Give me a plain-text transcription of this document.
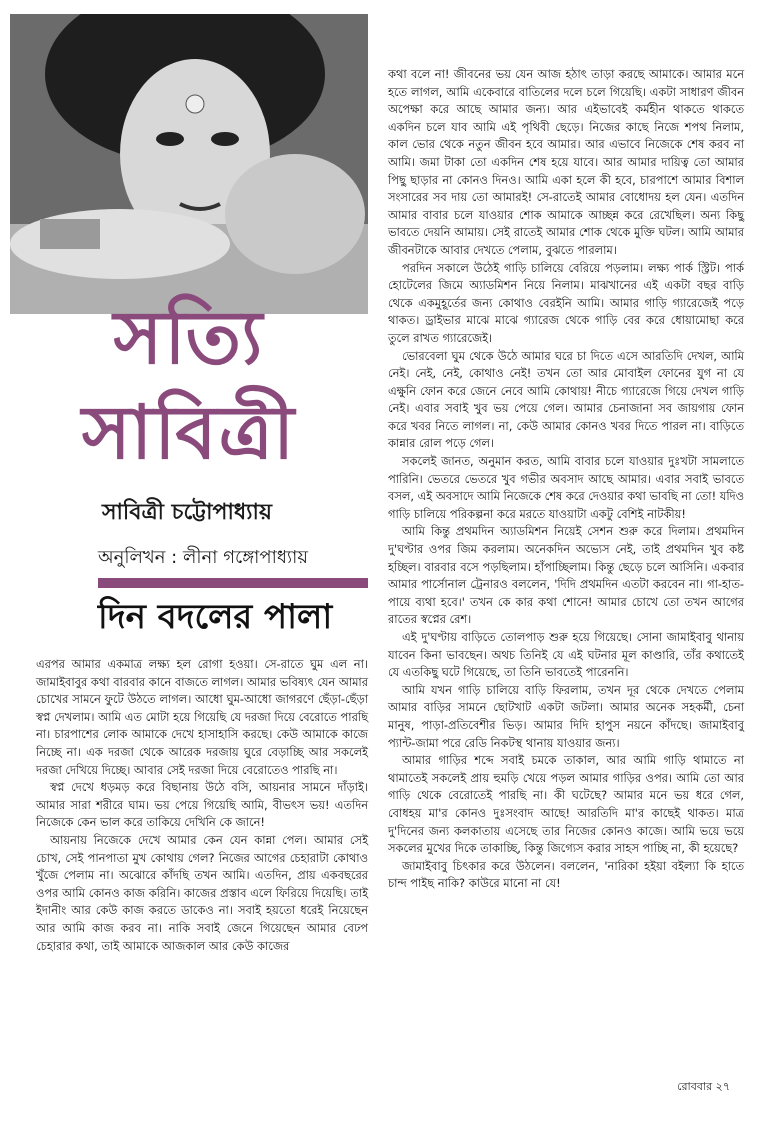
সত্যি
সাবিত্রী
সাবিত্রী চট্টোপাধ্যায়
অনুলিখন : লীনা গঙ্গোপাধ্যায়
দিন বদলের পালা

এরপর আমার একমাত্র লক্ষ্য হল রোগা হওয়া। সে-রাতে ঘুম এল না। জামাইবাবুর কথা বারবার কানে বাজতে লাগল। আমার ভবিষ্যৎ যেন আমার চোখের সামনে ফুটে উঠতে লাগল। আধো ঘুম-আধো জাগরণে ছেঁড়া-ছেঁড়া স্বপ্ন দেখলাম। আমি এত মোটা হয়ে গিয়েছি যে দরজা দিয়ে বেরোতে পারছি না। চারপাশের লোক আমাকে দেখে হাসাহাসি করছে। কেউ আমাকে কাজে নিচ্ছে না। এক দরজা থেকে আরেক দরজায় ঘুরে বেড়াচ্ছি আর সকলেই দরজা দেখিয়ে দিচ্ছে। আবার সেই দরজা দিয়ে বেরোতেও পারছি না।

স্বপ্ন দেখে ধড়মড় করে বিছানায় উঠে বসি, আয়নার সামনে দাঁড়াই। আমার সারা শরীরে ঘাম। ভয় পেয়ে গিয়েছি আমি, বীভৎস ভয়! এতদিন নিজেকে কেন ভাল করে তাকিয়ে দেখিনি কে জানে!

আয়নায় নিজেকে দেখে আমার কেন যেন কান্না পেল। আমার সেই চোখ, সেই পানপাতা মুখ কোথায় গেল? নিজের আগের চেহারাটা কোথাও খুঁজে পেলাম না। অঝোরে কাঁদছি তখন আমি। এতদিন, প্রায় একবছরের ওপর আমি কোনও কাজ করিনি। কাজের প্রস্তাব এলে ফিরিয়ে দিয়েছি। তাই ইদানীং আর কেউ কাজ করতে ডাকেও না। সবাই হয়তো ধরেই নিয়েছেন আর আমি কাজ করব না। নাকি সবাই জেনে গিয়েছেন আমার বেঢপ চেহারার কথা, তাই আমাকে আজকাল আর কেউ কাজের

কথা বলে না! জীবনের ভয় যেন আজ হঠাৎ তাড়া করছে আমাকে। আমার মনে হতে লাগল, আমি একেবারে বাতিলের দলে চলে গিয়েছি। একটা সাধারণ জীবন অপেক্ষা করে আছে আমার জন্য। আর এইভাবেই কর্মহীন থাকতে থাকতে একদিন চলে যাব আমি এই পৃথিবী ছেড়ে। নিজের কাছে নিজে শপথ নিলাম, কাল ভোর থেকে নতুন জীবন হবে আমার। আর এভাবে নিজেকে শেষ করব না আমি। জমা টাকা তো একদিন শেষ হয়ে যাবে। আর আমার দায়িত্ব তো আমার পিছু ছাড়ার না কোনও দিনও। আমি একা হলে কী হবে, চারপাশে আমার বিশাল সংসারের সব দায় তো আমারই! সে-রাতেই আমার বোধোদয় হল যেন। এতদিন আমার বাবার চলে যাওয়ার শোক আমাকে আচ্ছন্ন করে রেখেছিল। অন্য কিছু ভাবতে দেয়নি আমায়। সেই রাতেই আমার শোক থেকে মুক্তি ঘটল। আমি আমার জীবনটাকে আবার দেখতে পেলাম, বুঝতে পারলাম।

পরদিন সকালে উঠেই গাড়ি চালিয়ে বেরিয়ে পড়লাম। লক্ষ্য পার্ক স্ট্রিট। পার্ক হোটেলের জিমে অ্যাডমিশন নিয়ে নিলাম। মাঝখানের এই একটা বছর বাড়ি থেকে একমুহূর্তের জন্য কোথাও বেরইনি আমি। আমার গাড়ি গ্যারেজেই পড়ে থাকত। ড্রাইভার মাঝে মাঝে গ্যারেজ থেকে গাড়ি বের করে ধোয়ামোছা করে তুলে রাখত গ্যারেজেই।

ভোরবেলা ঘুম থেকে উঠে আমার ঘরে চা দিতে এসে আরতিদি দেখল, আমি নেই। নেই, নেই, কোথাও নেই! তখন তো আর মোবাইল ফোনের যুগ না যে এক্ষুনি ফোন করে জেনে নেবে আমি কোথায়! নীচে গ্যারেজে গিয়ে দেখল গাড়ি নেই। এবার সবাই খুব ভয় পেয়ে গেল। আমার চেনাজানা সব জায়গায় ফোন করে খবর নিতে লাগল। না, কেউ আমার কোনও খবর দিতে পারল না। বাড়িতে কান্নার রোল পড়ে গেল।

সকলেই জানত, অনুমান করত, আমি বাবার চলে যাওয়ার দুঃখটা সামলাতে পারিনি। ভেতরে ভেতরে খুব গভীর অবসাদ আছে আমার। এবার সবাই ভাবতে বসল, এই অবসাদে আমি নিজেকে শেষ করে দেওয়ার কথা ভাবছি না তো! যদিও গাড়ি চালিয়ে পরিকল্পনা করে মরতে যাওয়াটা একটু বেশিই নাটকীয়!

আমি কিন্তু প্রথমদিন অ্যাডমিশন নিয়েই সেশন শুরু করে দিলাম। প্রথমদিন দু'ঘণ্টার ওপর জিম করলাম। অনেকদিন অভ্যেস নেই, তাই প্রথমদিন খুব কষ্ট হচ্ছিল। বারবার বসে পড়ছিলাম। হাঁপাচ্ছিলাম। কিন্তু ছেড়ে চলে আসিনি। একবার আমার পার্সোনাল ট্রেনারও বললেন, 'দিদি প্রথমদিন এতটা করবেন না। গা-হাত-পায়ে ব্যথা হবে।' তখন কে কার কথা শোনে! আমার চোখে তো তখন আগের রাতের স্বপ্নের রেশ।

এই দু'ঘণ্টায় বাড়িতে তোলপাড় শুরু হয়ে গিয়েছে। সোনা জামাইবাবু থানায় যাবেন কিনা ভাবছেন। অথচ তিনিই যে এই ঘটনার মূল কাণ্ডারি, তাঁর কথাতেই যে এতকিছু ঘটে গিয়েছে, তা তিনি ভাবতেই পারেননি।

আমি যখন গাড়ি চালিয়ে বাড়ি ফিরলাম, তখন দূর থেকে দেখতে পেলাম আমার বাড়ির সামনে ছোটখাট একটা জটলা। আমার অনেক সহকর্মী, চেনা মানুষ, পাড়া-প্রতিবেশীর ভিড়। আমার দিদি হাপুস নয়নে কাঁদছে। জামাইবাবু প্যান্ট-জামা পরে রেডি নিকটস্থ থানায় যাওয়ার জন্য।

আমার গাড়ির শব্দে সবাই চমকে তাকাল, আর আমি গাড়ি থামাতে না থামাতেই সকলেই প্রায় হুমড়ি খেয়ে পড়ল আমার গাড়ির ওপর। আমি তো আর গাড়ি থেকে বেরোতেই পারছি না। কী ঘটেছে? আমার মনে ভয় ধরে গেল, বোধহয় মা'র কোনও দুঃসংবাদ আছে! আরতিদি মা'র কাছেই থাকত। মাত্র দু'দিনের জন্য কলকাতায় এসেছে তার নিজের কোনও কাজে। আমি ভয়ে ভয়ে সকলের মুখের দিকে তাকাচ্ছি, কিন্তু জিগ্যেস করার সাহস পাচ্ছি না, কী হয়েছে?

জামাইবাবু চিৎকার করে উঠলেন। বললেন, 'নারিকা হইয়া বইল্যা কি হাতে চান্দ পাইছ নাকি? কাউরে মানো না যে!

রোববার ২৭
